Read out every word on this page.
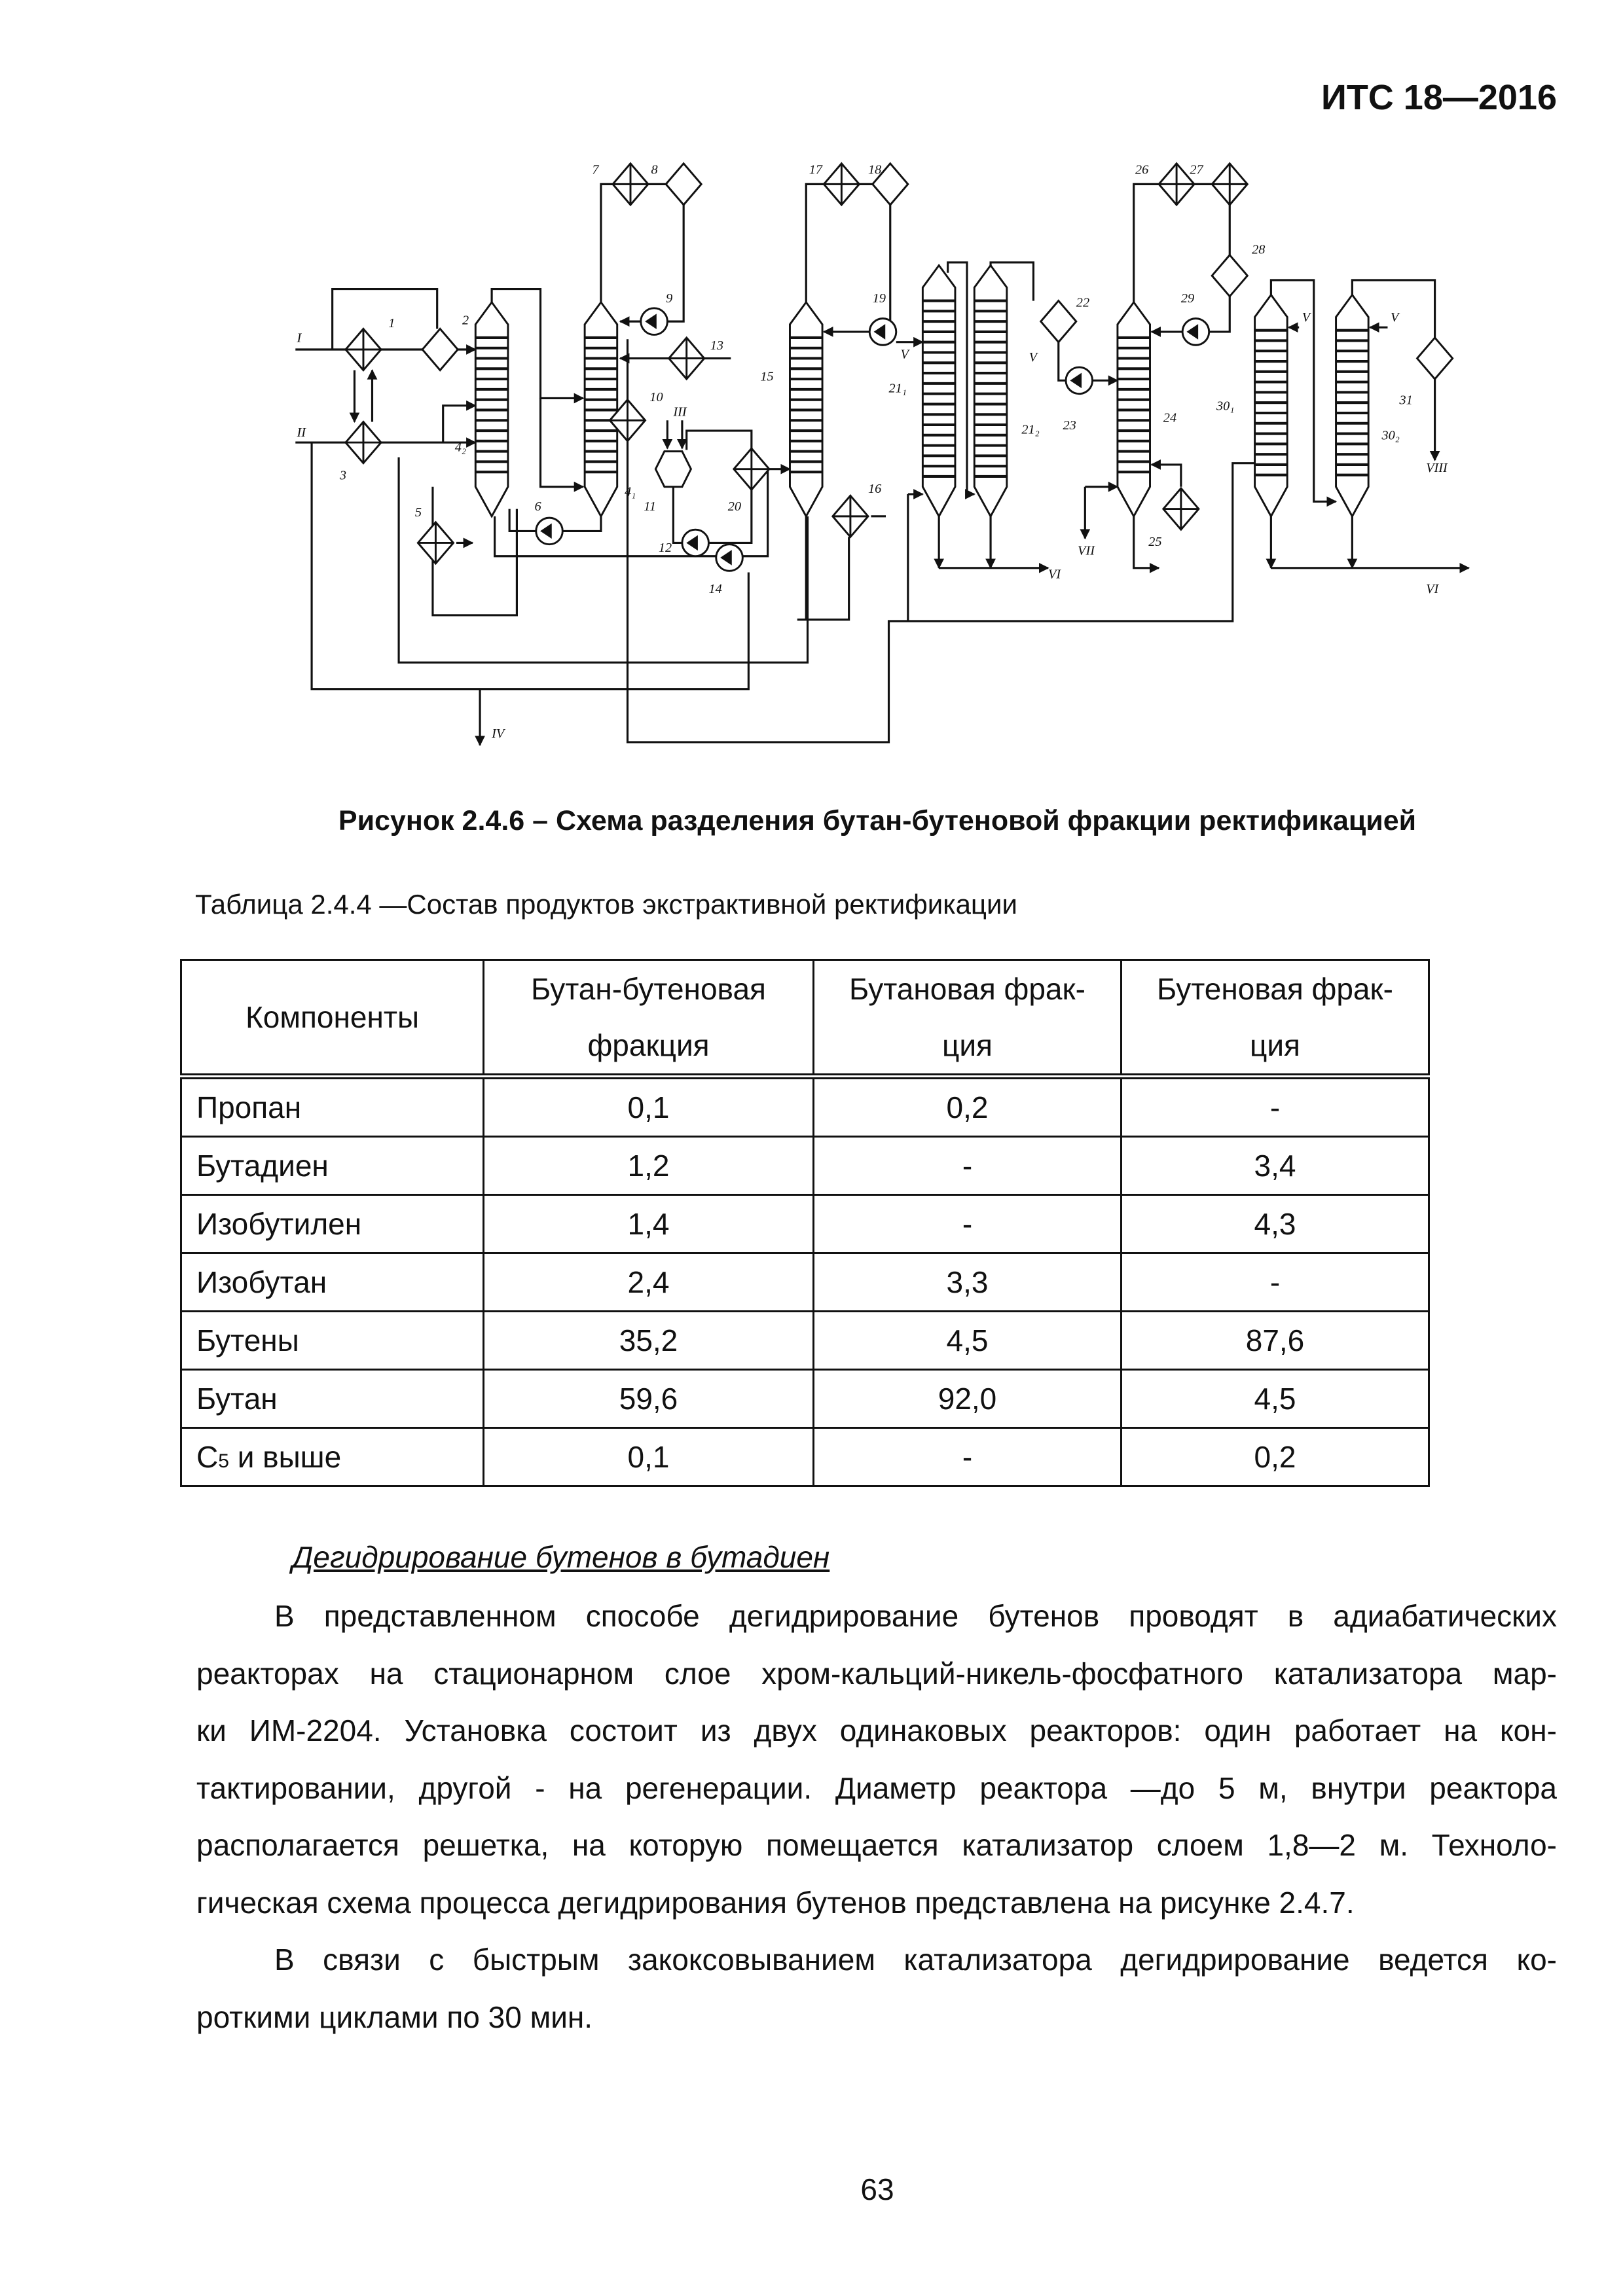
ИТС 18—2016
I
II
1	2
3
4₂
5	6
4₁
7	8
9
10
III
11
12
13
14
15
16
17	18
19
20
21₁
21₂
22
23
24
25
26	27
28
29
30₁
30₂
31
V	V
V	V
VI
VI
VII
VIII
IV
Рисунок 2.4.6 – Схема разделения бутан-бутеновой фракции ректификацией
Таблица 2.4.4 —Состав продуктов экстрактивной ректификации
Компоненты	Бутан-бутеновая фракция	Бутановая фрак-ция	Бутеновая фрак-ция
Пропан	0,1	0,2	-
Бутадиен	1,2	-	3,4
Изобутилен	1,4	-	4,3
Изобутан	2,4	3,3	-
Бутены	35,2	4,5	87,6
Бутан	59,6	92,0	4,5
C5 и выше	0,1	-	0,2
Дегидрирование бутенов в бутадиен
В представленном способе дегидрирование бутенов проводят в адиабатических
реакторах на стационарном слое хром-кальций-никель-фосфатного катализатора мар-
ки ИМ-2204. Установка состоит из двух одинаковых реакторов: один работает на кон-
тактировании, другой - на регенерации. Диаметр реактора —до 5 м, внутри реактора
располагается решетка, на которую помещается катализатор слоем 1,8—2 м. Техноло-
гическая схема процесса дегидрирования бутенов представлена на рисунке 2.4.7.
В связи с быстрым закоксовыванием катализатора дегидрирование ведется ко-
роткими циклами по 30 мин.
63
